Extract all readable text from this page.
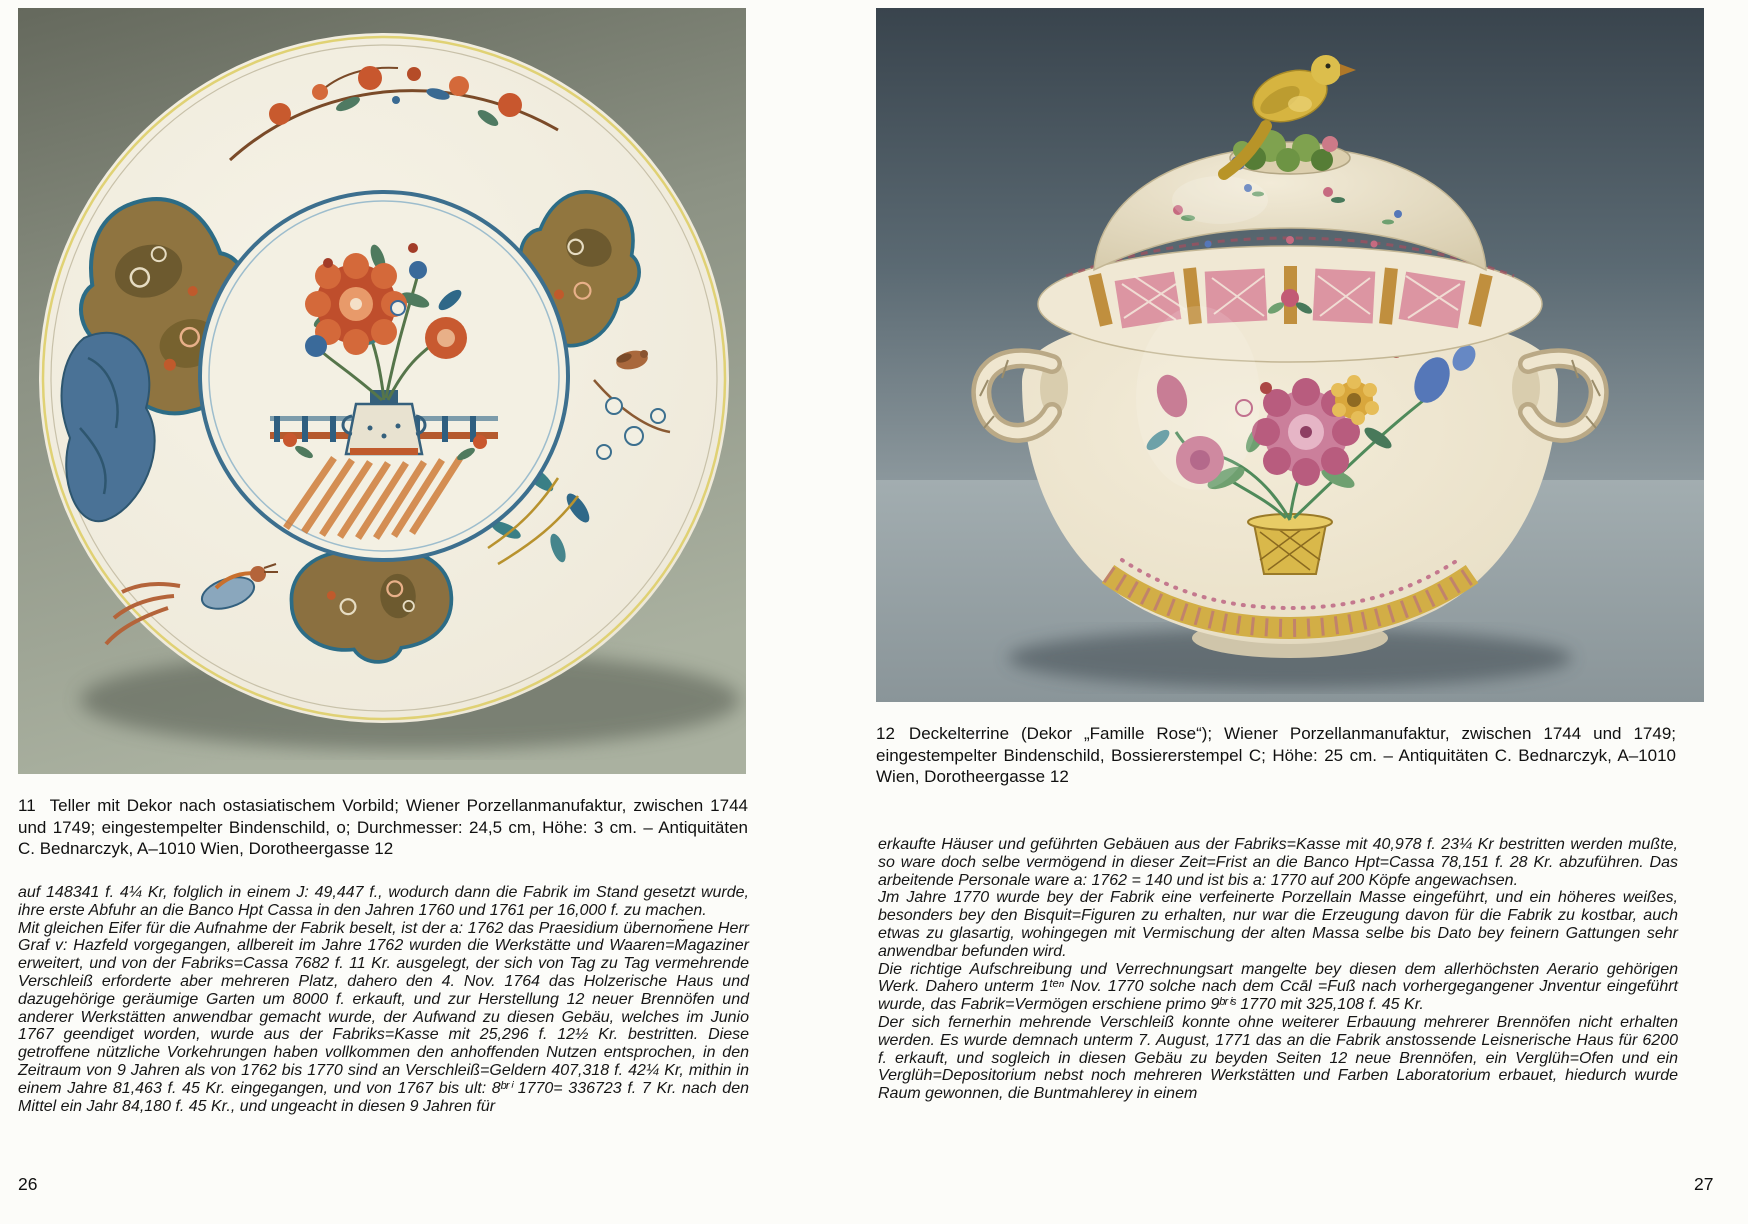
11 Teller mit Dekor nach ostasiatischem Vorbild; Wiener Porzellanmanufaktur, zwischen 1744 und 1749; eingestempelter Bindenschild, o; Durchmesser: 24,5 cm, Höhe: 3 cm. – Antiquitäten C. Bednarczyk, A–1010 Wien, Dorotheergasse 12

auf 148341 f. 4¼ Kr, folglich in einem J: 49,447 f., wodurch dann die Fabrik im Stand gesetzt wurde, ihre erste Abfuhr an die Banco Hpt Cassa in den Jahren 1760 und 1761 per 16,000 f. zu machen.

Mit gleichen Eifer für die Aufnahme der Fabrik beselt, ist der a: 1762 das Praesidium übernom̃ene Herr Graf v: Hazfeld vorgegangen, allbereit im Jahre 1762 wurden die Werkstätte und Waaren=Magaziner erweitert, und von der Fabriks=Cassa 7682 f. 11 Kr. ausgelegt, der sich von Tag zu Tag vermehrende Verschleiß erforderte aber mehreren Platz, dahero den 4. Nov. 1764 das Holzerische Haus und dazugehörige geräumige Garten um 8000 f. erkauft, und zur Herstellung 12 neuer Brennöfen und anderer Werkstätten anwendbar gemacht wurde, der Aufwand zu diesen Gebäu, welches im Junio 1767 geendiget worden, wurde aus der Fabriks=Kasse mit 25,296 f. 12½ Kr. bestritten. Diese getroffene nützliche Vorkehrungen haben vollkommen den anhoffenden Nutzen entsprochen, in den Zeitraum von 9 Jahren als von 1762 bis 1770 sind an Verschleiß=Geldern 407,318 f. 42¼ Kr, mithin in einem Jahre 81,463 f. 45 Kr. eingegangen, und von 1767 bis ult: 8ᵇʳⁱ 1770= 336723 f. 7 Kr. nach den Mittel ein Jahr 84,180 f. 45 Kr., und ungeacht in diesen 9 Jahren für

26

12 Deckelterrine (Dekor „Famille Rose“); Wiener Porzellanmanufaktur, zwischen 1744 und 1749; eingestempelter Bindenschild, Bossiererstempel C; Höhe: 25 cm. – Antiquitäten C. Bednarczyk, A–1010 Wien, Dorotheergasse 12

erkaufte Häuser und geführten Gebäuen aus der Fabriks=Kasse mit 40,978 f. 23¼ Kr bestritten werden mußte, so ware doch selbe vermögend in dieser Zeit=Frist an die Banco Hpt=Cassa 78,151 f. 28 Kr. abzuführen. Das arbeitende Personale ware a: 1762 = 140 und ist bis a: 1770 auf 200 Köpfe angewachsen.

Jm Jahre 1770 wurde bey der Fabrik eine verfeinerte Porzellain Masse eingeführt, und ein höheres weißes, besonders bey den Bisquit=Figuren zu erhalten, nur war die Erzeugung davon für die Fabrik zu kostbar, auch etwas zu glasartig, wohingegen mit Vermischung der alten Massa selbe bis Dato bey feinern Gattungen sehr anwendbar befunden wird.

Die richtige Aufschreibung und Verrechnungsart mangelte bey diesen dem allerhöchsten Aerario gehörigen Werk. Dahero unterm 1ᵗᵉⁿ Nov. 1770 solche nach dem Ccāl =Fuß nach vorhergegangener Jnventur eingeführt wurde, das Fabrik=Vermögen erschiene primo 9ᵇʳⁱˢ 1770 mit 325,108 f. 45 Kr.

Der sich fernerhin mehrende Verschleiß konnte ohne weiterer Erbauung mehrerer Brennöfen nicht erhalten werden. Es wurde demnach unterm 7. August, 1771 das an die Fabrik anstossende Leisnerische Haus für 6200 f. erkauft, und sogleich in diesen Gebäu zu beyden Seiten 12 neue Brennöfen, ein Verglüh=Ofen und ein Verglüh=Depositorium nebst noch mehreren Werkstätten und Farben Laboratorium erbauet, hiedurch wurde Raum gewonnen, die Buntmahlerey in einem

27
